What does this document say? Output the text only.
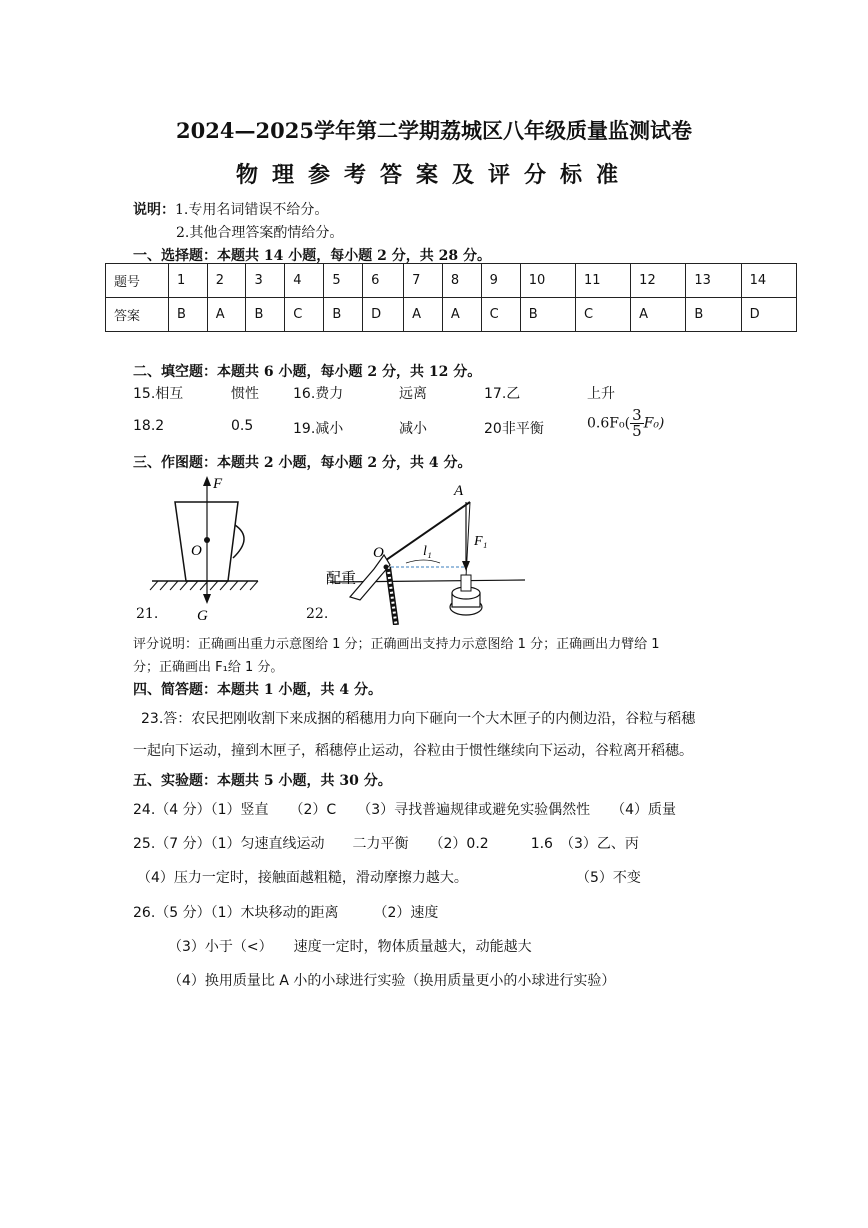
2024—2025学年第二学期荔城区八年级质量监测试卷
物理参考答案及评分标准
说明：1.专用名词错误不给分。
2.其他合理答案酌情给分。
一、选择题：本题共 14 小题，每小题 2 分，共 28 分。
题号	1	2	3	4	5	6	7	8	9	10	11	12	13	14
答案	B	A	B	C	B	D	A	A	C	B	C	A	B	D
二、填空题：本题共 6 小题，每小题 2 分，共 12 分。
15.相互	惯性 16.费力	远离	17.乙	上升
18.2	0.5	19.减小	减小	20非平衡	$0.6F_0( \frac{3}{5} F_0)$
三、作图题：本题共 2 小题，每小题 2 分，共 4 分。
F
O
G
21.
A
O	l₁
F₁
配重
22.
评分说明：正确画出重力示意图给 1 分；正确画出支持力示意图给 1 分；正确画出力臂给 1
分；正确画出 F₁给 1 分。
四、简答题：本题共 1 小题，共 4 分。
23.答：农民把刚收割下来成捆的稻穗用力向下砸向一个大木匣子的内侧边沿，谷粒与稻穗
一起向下运动，撞到木匣子，稻穗停止运动，谷粒由于惯性继续向下运动，谷粒离开稻穗。
五、实验题：本题共 5 小题，共 30 分。
24.（4 分）（1）竖直　　（2）C　　（3）寻找普遍规律或避免实验偶然性　　（4）质量
25.（7 分）（1）匀速直线运动　　二力平衡　　（2）0.2　　　1.6　（3）乙、丙
（4）压力一定时，接触面越粗糙，滑动摩擦力越大。	（5）不变
26.（5 分）（1）木块移动的距离　　　（2）速度
（3）小于（<）　　速度一定时，物体质量越大，动能越大
（4）换用质量比 A 小的小球进行实验（换用质量更小的小球进行实验）
